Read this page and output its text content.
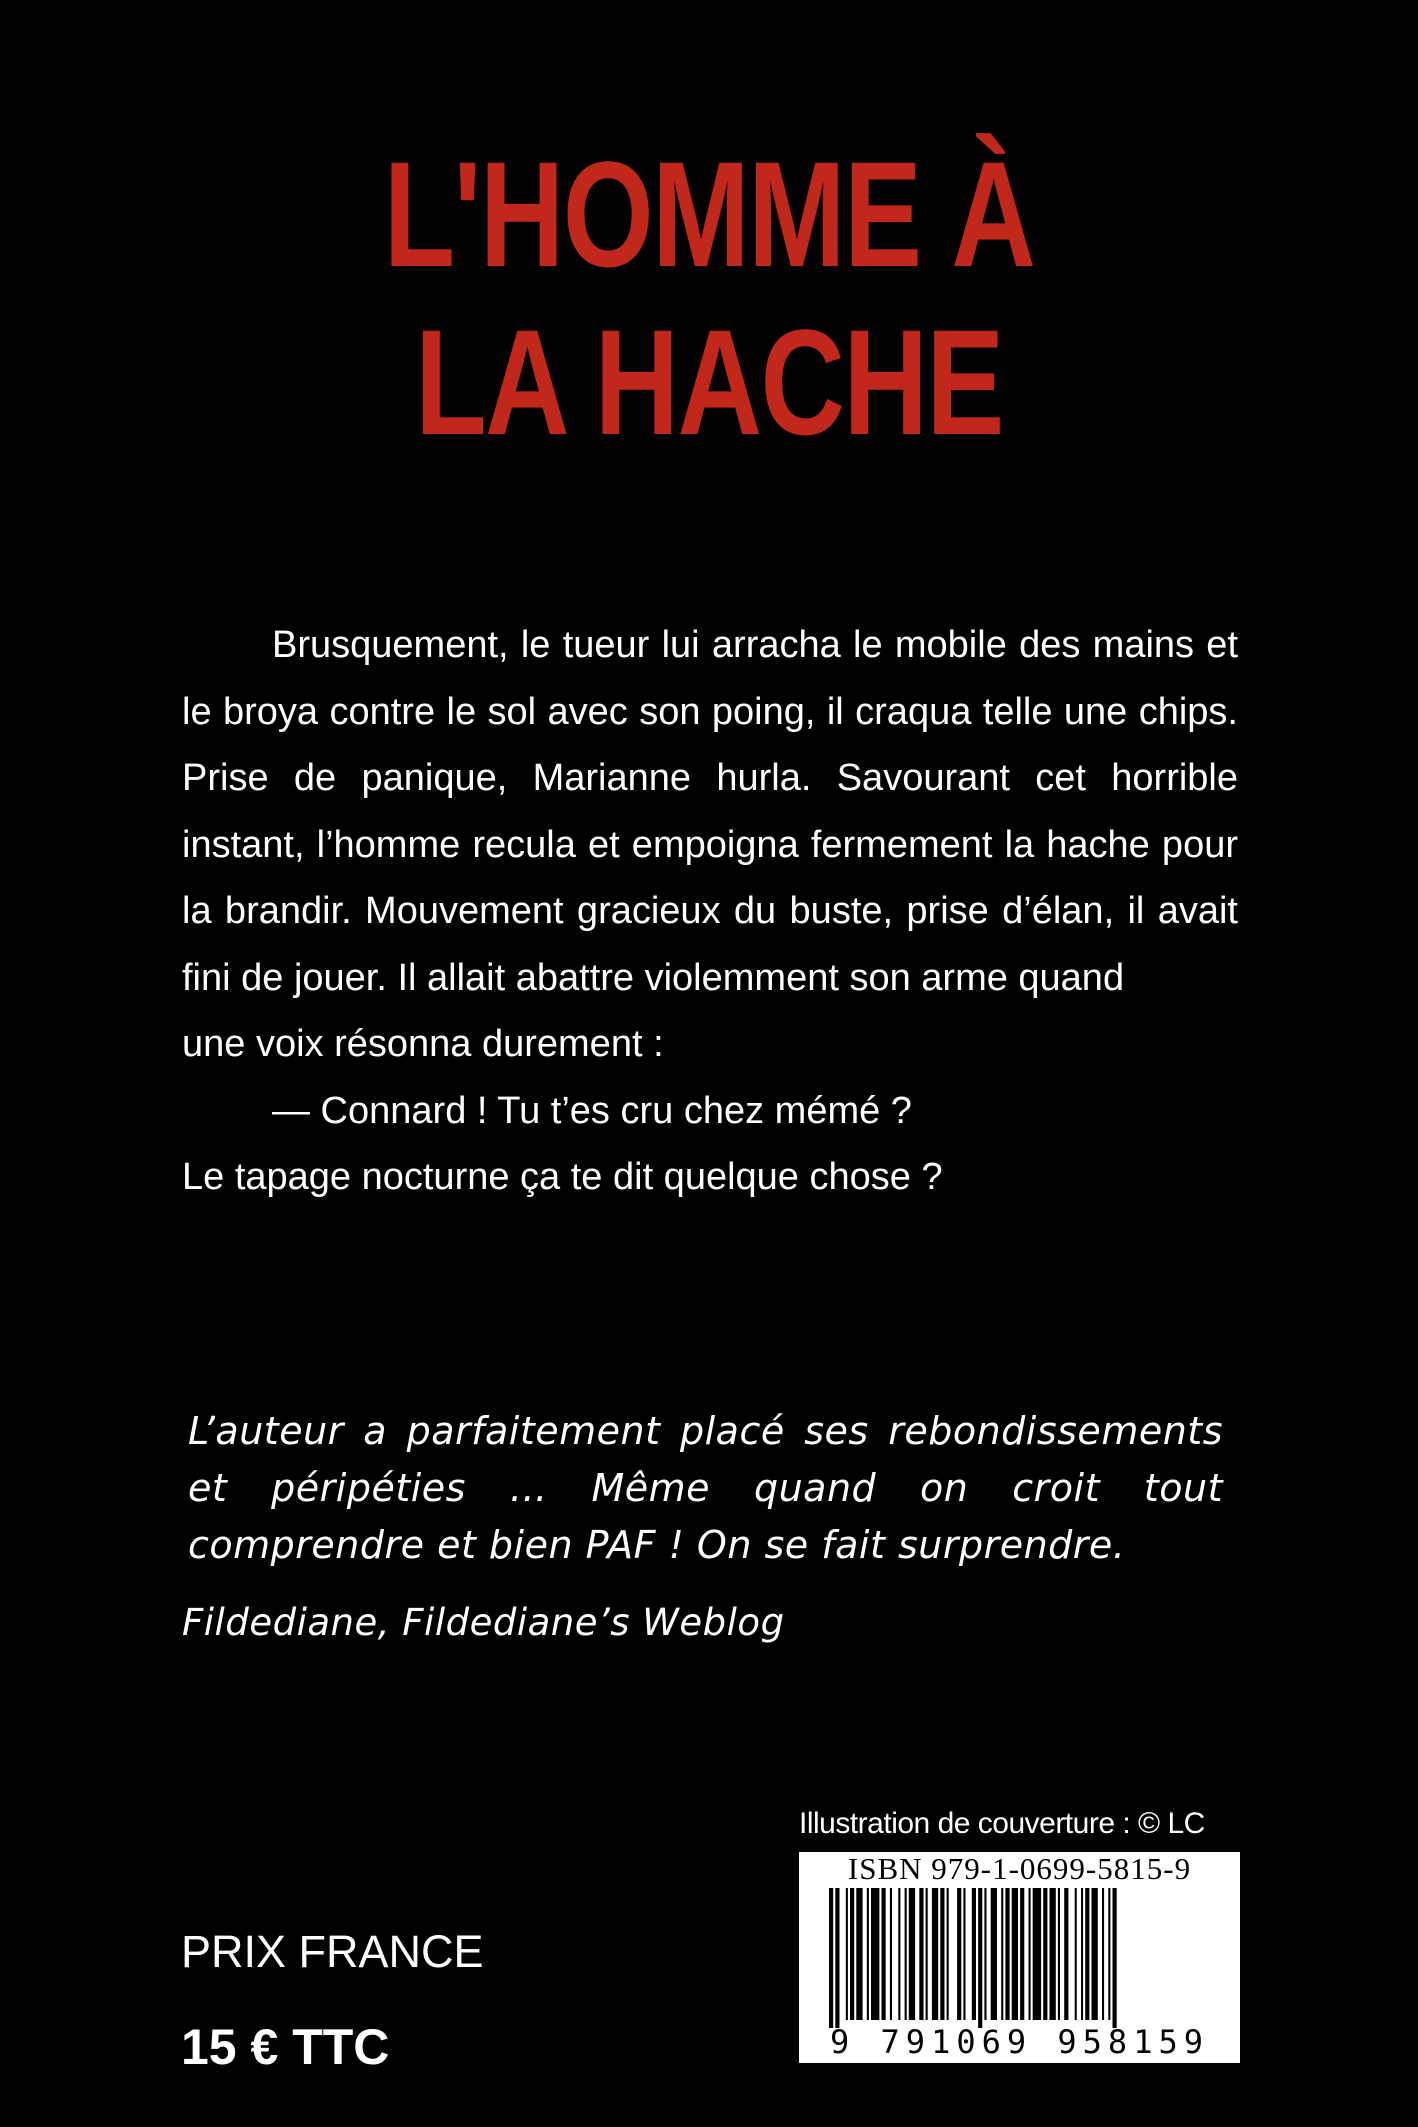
L'HOMME À
LA HACHE

Brusquement, le tueur lui arracha le mobile des mains et le broya contre le sol avec son poing, il craqua telle une chips. Prise de panique, Marianne hurla. Savourant cet horrible instant, l’homme recula et empoigna fermement la hache pour la brandir. Mouvement gracieux du buste, prise d’élan, il avait fini de jouer. Il allait abattre violemment son arme quand

une voix résonna durement :

— Connard ! Tu t’es cru chez mémé ?

Le tapage nocturne ça te dit quelque chose ?

L’auteur a parfaitement placé ses rebondissements et péripéties ... Même quand on croit tout comprendre et bien PAF ! On se fait surprendre.
Fildediane, Fildediane’s Weblog
Illustration de couverture : © LC
ISBN 979-1-0699-5815-9
9 791069 958159
PRIX FRANCE
15 € TTC
